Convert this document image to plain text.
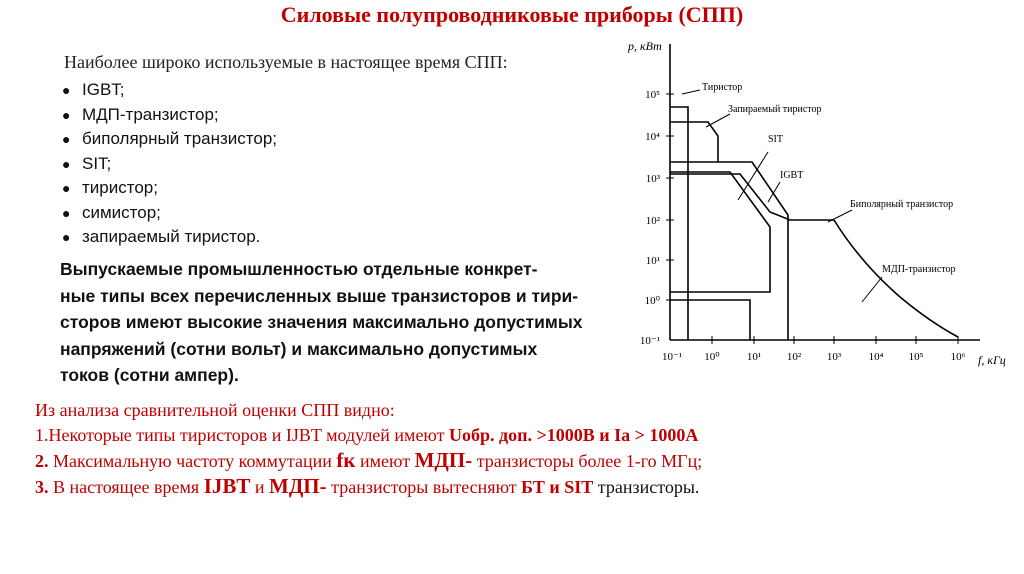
Силовые полупроводниковые приборы (СПП)
Наиболее широко используемые в настоящее время СПП:
● IGBT;
● МДП-транзистор;
● биполярный транзистор;
● SIT;
● тиристор;
● симистор;
● запираемый тиристор.
Выпускаемые промышленностью отдельные конкрет-
ные типы всех перечисленных выше транзисторов и тири-
сторов имеют высокие значения максимально допустимых
напряжений (сотни вольт) и максимально допустимых
токов (сотни ампер).
p, кВт
f, кГц
10⁵
10⁴
10³
10²
10¹
10⁰
10⁻¹
10⁻¹ 10⁰ 10¹ 10² 10³ 10⁴ 10⁵ 10⁶
Тиристор
Запираемый тиристор
SIT
IGBT
Биполярный транзистор
МДП-транзистор
Из анализа сравнительной оценки СПП видно:
1.Некоторые типы тиристоров и IJBT модулей имеют Uобр. доп. >1000В и Iа > 1000А
2. Максимальную частоту коммутации fк имеют МДП- транзисторы более 1-го МГц;
3. В настоящее время IJBT и МДП- транзисторы вытесняют БТ и SIT транзисторы.
